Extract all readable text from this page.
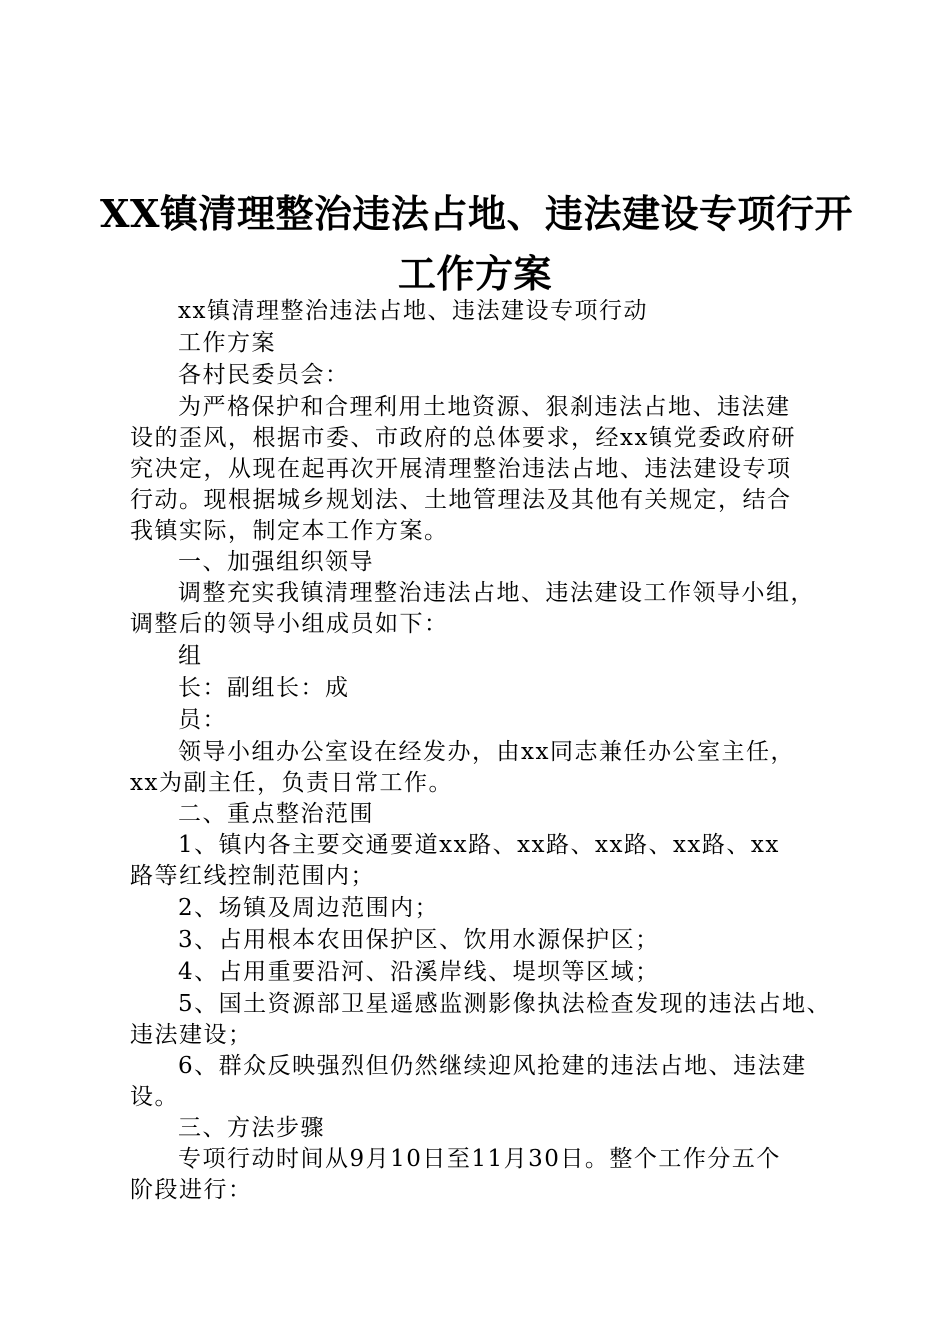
XX镇清理整治违法占地、违法建设专项行开
工作方案
xx镇清理整治违法占地、违法建设专项行动
工作方案
各村民委员会：
为严格保护和合理利用土地资源、狠刹违法占地、违法建
设的歪风，根据市委、市政府的总体要求，经xx镇党委政府研
究决定，从现在起再次开展清理整治违法占地、违法建设专项
行动。现根据城乡规划法、土地管理法及其他有关规定，结合
我镇实际，制定本工作方案。
一、加强组织领导
调整充实我镇清理整治违法占地、违法建设工作领导小组，
调整后的领导小组成员如下：
组
长：副组长：成
员：
领导小组办公室设在经发办，由xx同志兼任办公室主任，
xx为副主任，负责日常工作。
二、重点整治范围
1、镇内各主要交通要道xx路、xx路、xx路、xx路、xx
路等红线控制范围内；
2、场镇及周边范围内；
3、占用根本农田保护区、饮用水源保护区；
4、占用重要沿河、沿溪岸线、堤坝等区域；
5、国土资源部卫星遥感监测影像执法检查发现的违法占地、
违法建设；
6、群众反映强烈但仍然继续迎风抢建的违法占地、违法建
设。
三、方法步骤
专项行动时间从9月10日至11月30日。整个工作分五个
阶段进行：
